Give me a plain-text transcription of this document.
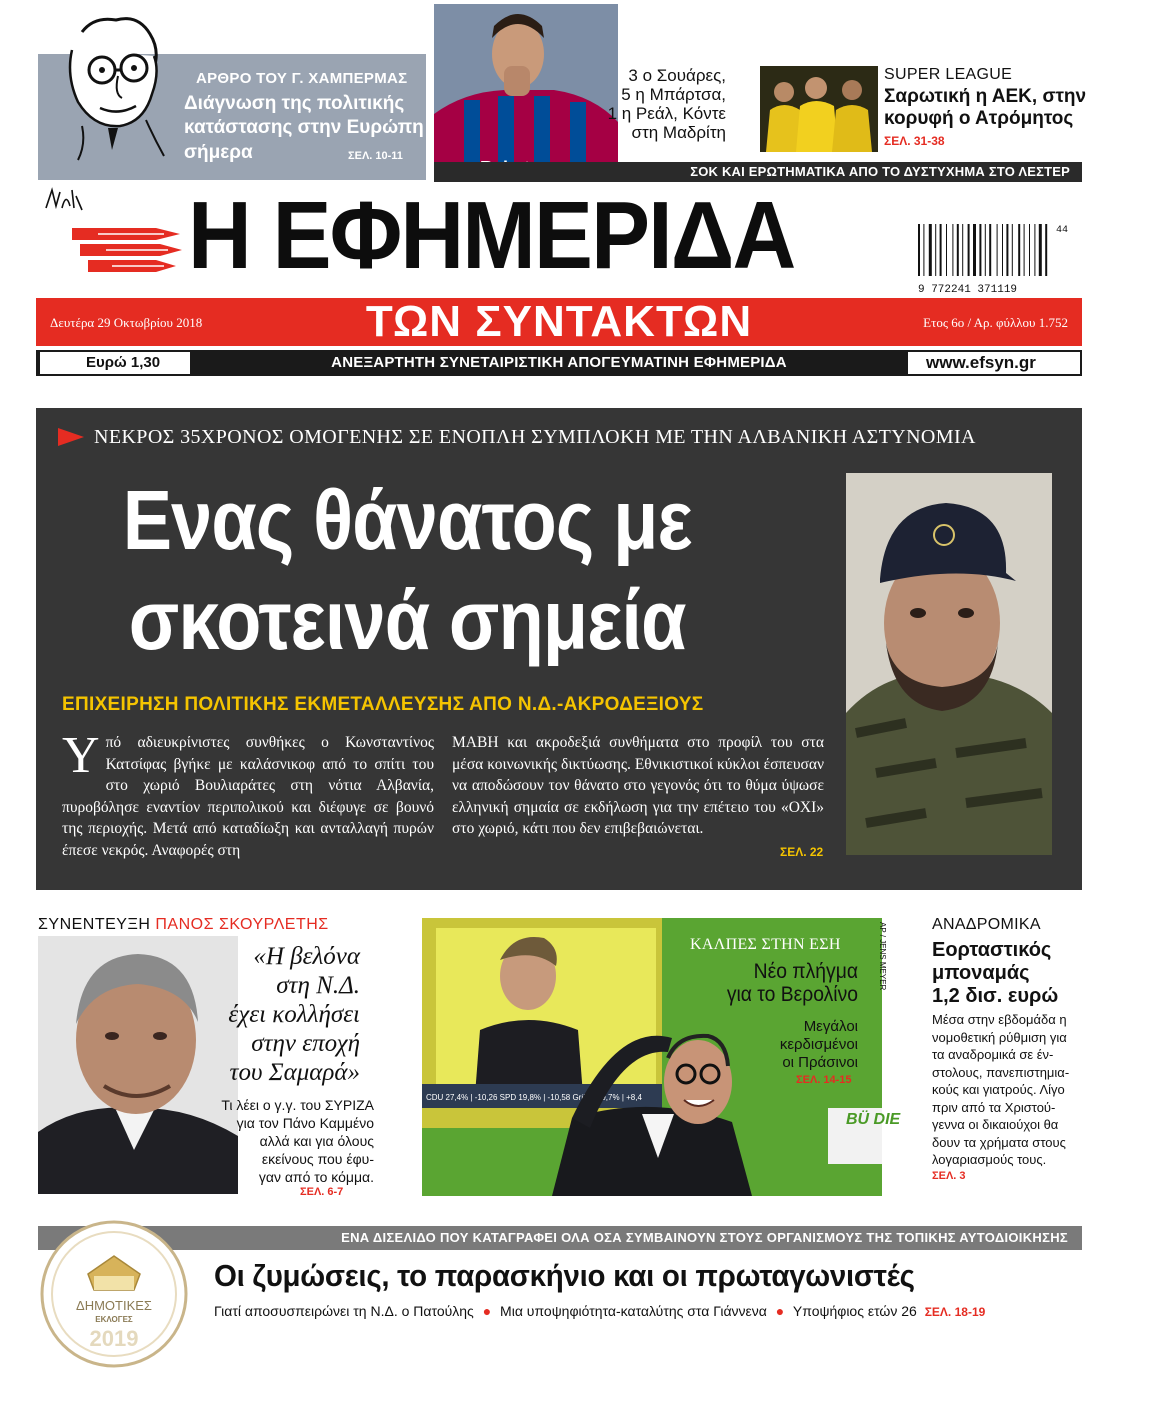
ΑΡΘΡΟ ΤΟΥ Γ. ΧΑΜΠΕΡΜΑΣ
Διάγνωση της πολιτικής
κατάστασης στην Ευρώπη
σήμερα	ΣΕΛ. 10-11
3 ο Σουάρες,
5 η Μπάρτσα,
1 η Ρεάλ, Κόντε
στη Μαδρίτη
SUPER LEAGUE
Σαρωτική η ΑΕΚ, στην
κορυφή ο Ατρόμητος
ΣΕΛ. 31-38
ΣΟΚ ΚΑΙ ΕΡΩΤΗΜΑΤΙΚΑ ΑΠΟ ΤΟ ΔΥΣΤΥΧΗΜΑ ΣΤΟ ΛΕΣΤΕΡ
Η ΕΦΗΜΕΡΙΔΑ
9 772241 371119
44
Δευτέρα 29 Οκτωβρίου 2018	ΤΩΝ ΣΥΝΤΑΚΤΩΝ	Ετος 6ο / Αρ. φύλλου 1.752
ΑΝΕΞΑΡΤΗΤΗ ΣΥΝΕΤΑΙΡΙΣΤΙΚΗ ΑΠΟΓΕΥΜΑΤΙΝΗ ΕΦΗΜΕΡΙΔΑ
Ευρώ 1,30	www.efsyn.gr
ΝΕΚΡΟΣ 35ΧΡΟΝΟΣ ΟΜΟΓΕΝΗΣ ΣΕ ΕΝΟΠΛΗ ΣΥΜΠΛΟΚΗ ΜΕ ΤΗΝ ΑΛΒΑΝΙΚΗ ΑΣΤΥΝΟΜΙΑ
Ενας θάνατος με
σκοτεινά σημεία
ΕΠΙΧΕΙΡΗΣΗ ΠΟΛΙΤΙΚΗΣ ΕΚΜΕΤΑΛΛΕΥΣΗΣ ΑΠΟ Ν.Δ.-ΑΚΡΟΔΕΞΙΟΥΣ
Υπό αδιευκρίνιστες συνθήκες ο Κωνσταντίνος Κατσίφας βγήκε με καλάσνικοφ από το σπίτι του στο χωριό Βουλιαράτες στη νότια Αλβανία, πυροβόλησε εναντίον περιπολικού και διέφυγε σε βουνό της περιοχής. Μετά από καταδίωξη και ανταλλαγή πυρών έπεσε νεκρός. Αναφορές στη
ΜΑΒΗ και ακροδεξιά συνθήματα στο προφίλ του στα μέσα κοινωνικής δικτύωσης. Εθνικιστικοί κύκλοι έσπευσαν να αποδώσουν τον θάνατο στο γεγονός ότι το θύμα ύψωσε ελληνική σημαία σε εκδήλωση για την επέτειο του «ΟΧΙ» στο χωριό, κάτι που δεν επιβεβαιώνεται.
ΣΕΛ. 22
ΣΥΝΕΝΤΕΥΞΗ ΠΑΝΟΣ ΣΚΟΥΡΛΕΤΗΣ
«Η βελόνα
στη Ν.Δ.
έχει κολλήσει
στην εποχή
του Σαμαρά»
Τι λέει ο γ.γ. του ΣΥΡΙΖΑ
για τον Πάνο Καμμένο
αλλά και για όλους
εκείνους που έφυ-
γαν από το κόμμα.
ΣΕΛ. 6-7
CDU 27,4% | -10,26 SPD 19,8% | -10,58 Grüne 19,7% | +8,4
BÜ DIE
ΚΑΛΠΕΣ ΣΤΗΝ ΕΣΗ
Νέο πλήγμα
για το Βερολίνο
Μεγάλοι
κερδισμένοι
οι Πράσινοι
ΣΕΛ. 14-15
AP / JENS MEYER	ΑΝΑΔΡΟΜΙΚΑ
Εορταστικός
μποναμάς
1,2 δισ. ευρώ
Μέσα στην εβδομάδα η
νομοθετική ρύθμιση για
τα αναδρομικά σε έν-
στολους, πανεπιστημια-
κούς και γιατρούς. Λίγο
πριν από τα Χριστού-
γεννα οι δικαιούχοι θα
δουν τα χρήματα στους
λογαριασμούς τους.
ΣΕΛ. 3
ΕΝΑ ΔΙΣΕΛΙΔΟ ΠΟΥ ΚΑΤΑΓΡΑΦΕΙ ΟΛΑ ΟΣΑ ΣΥΜΒΑΙΝΟΥΝ ΣΤΟΥΣ ΟΡΓΑΝΙΣΜΟΥΣ ΤΗΣ ΤΟΠΙΚΗΣ ΑΥΤΟΔΙΟΙΚΗΣΗΣ
ΔΗΜΟΤΙΚΕΣ
ΕΚΛΟΓΕΣ
2019
Οι ζυμώσεις, το παρασκήνιο και οι πρωταγωνιστές
Γιατί αποσυσπειρώνει τη Ν.Δ. ο Πατούλης ● Μια υποψηφιότητα-καταλύτης στα Γιάννενα ● Υποψήφιος ετών 26 ΣΕΛ. 18-19
